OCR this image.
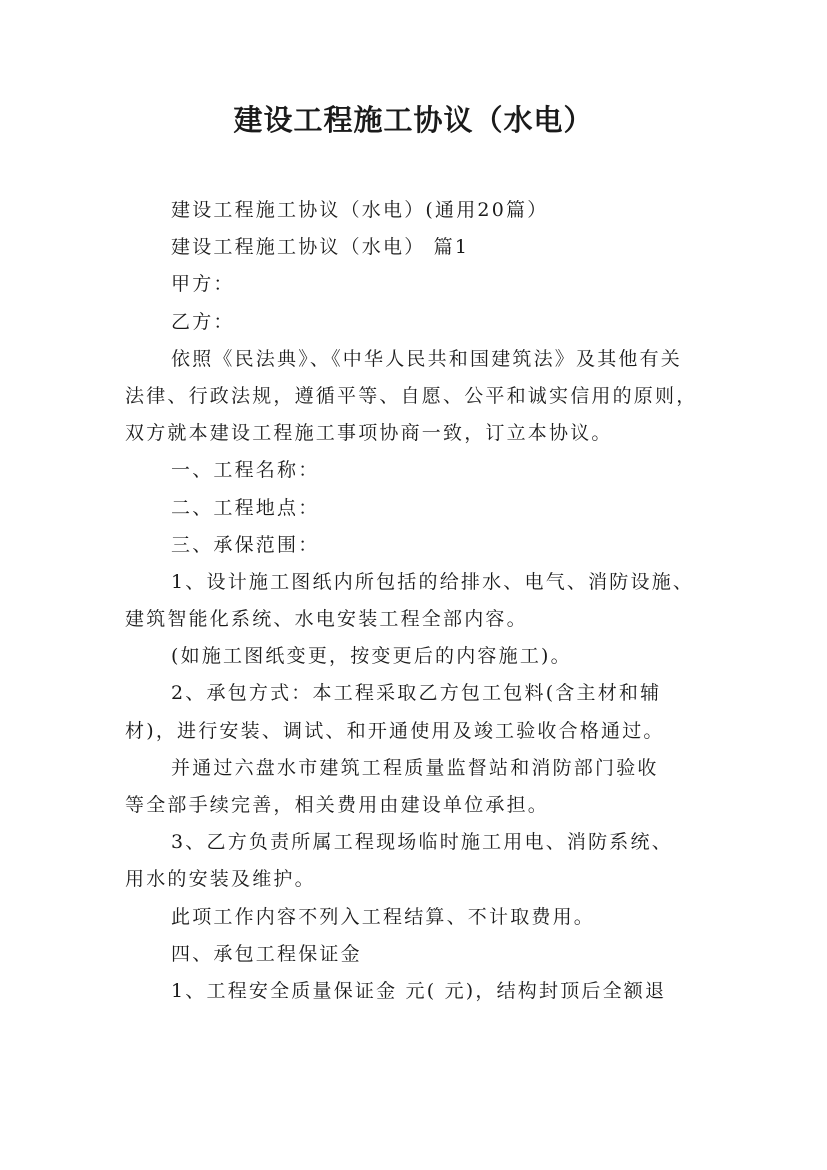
建设工程施工协议（水电）
建设工程施工协议（水电）(通用20篇）
建设工程施工协议（水电） 篇1
甲方：
乙方：
依照《民法典》、《中华人民共和国建筑法》及其他有关
法律、行政法规，遵循平等、自愿、公平和诚实信用的原则，
双方就本建设工程施工事项协商一致，订立本协议。
一、工程名称：
二、工程地点：
三、承保范围：
1、设计施工图纸内所包括的给排水、电气、消防设施、
建筑智能化系统、水电安装工程全部内容。
(如施工图纸变更，按变更后的内容施工)。
2、承包方式：本工程采取乙方包工包料(含主材和辅
材)，进行安装、调试、和开通使用及竣工验收合格通过。
并通过六盘水市建筑工程质量监督站和消防部门验收
等全部手续完善，相关费用由建设单位承担。
3、乙方负责所属工程现场临时施工用电、消防系统、
用水的安装及维护。
此项工作内容不列入工程结算、不计取费用。
四、承包工程保证金
1、工程安全质量保证金 元( 元)，结构封顶后全额退
